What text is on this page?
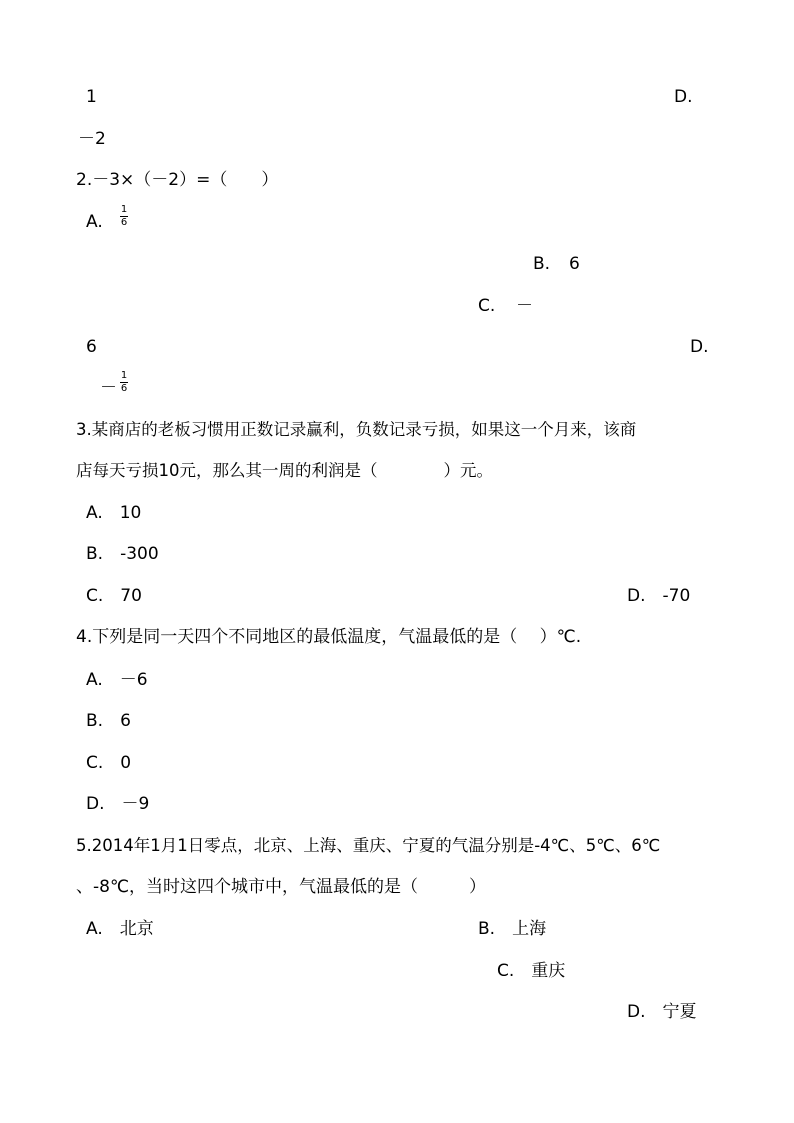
1	D.
－2
2.－3×（－2）=（　　）
A.
1
6
B. 6
C. －
6	D.
－
1
6
3.某商店的老板习惯用正数记录赢利，负数记录亏损，如果这一个月来，该商
店每天亏损10元，那么其一周的利润是（　　　　）元。
A.　10
B.　-300
C.　70	D.　-70
4.下列是同一天四个不同地区的最低温度，气温最低的是（　 ）℃.
A.　－6
B.　6
C.　0
D.　－9
5.2014年1月1日零点，北京、上海、重庆、宁夏的气温分别是-4℃、5℃、6℃
、-8℃，当时这四个城市中，气温最低的是（　　　）
A.　北京	B.　上海
C.　重庆
D.　宁夏
